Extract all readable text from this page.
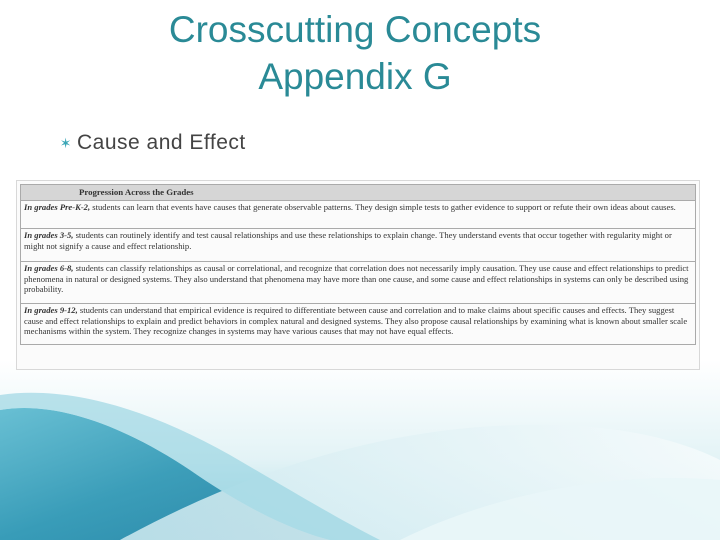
Crosscutting Concepts
Appendix G
✶ Cause and Effect
Progression Across the Grades
In grades Pre-K-2, students can learn that events have causes that generate observable patterns. They design simple tests to gather evidence to support or refute their own ideas about causes.
In grades 3-5, students can routinely identify and test causal relationships and use these relationships to explain change. They understand events that occur together with regularity might or might not signify a cause and effect relationship.
In grades 6-8, students can classify relationships as causal or correlational, and recognize that correlation does not necessarily imply causation. They use cause and effect relationships to predict phenomena in natural or designed systems. They also understand that phenomena may have more than one cause, and some cause and effect relationships in systems can only be described using probability.
In grades 9-12, students can understand that empirical evidence is required to differentiate between cause and correlation and to make claims about specific causes and effects. They suggest cause and effect relationships to explain and predict behaviors in complex natural and designed systems. They also propose causal relationships by examining what is known about smaller scale mechanisms within the system. They recognize changes in systems may have various causes that may not have equal effects.
